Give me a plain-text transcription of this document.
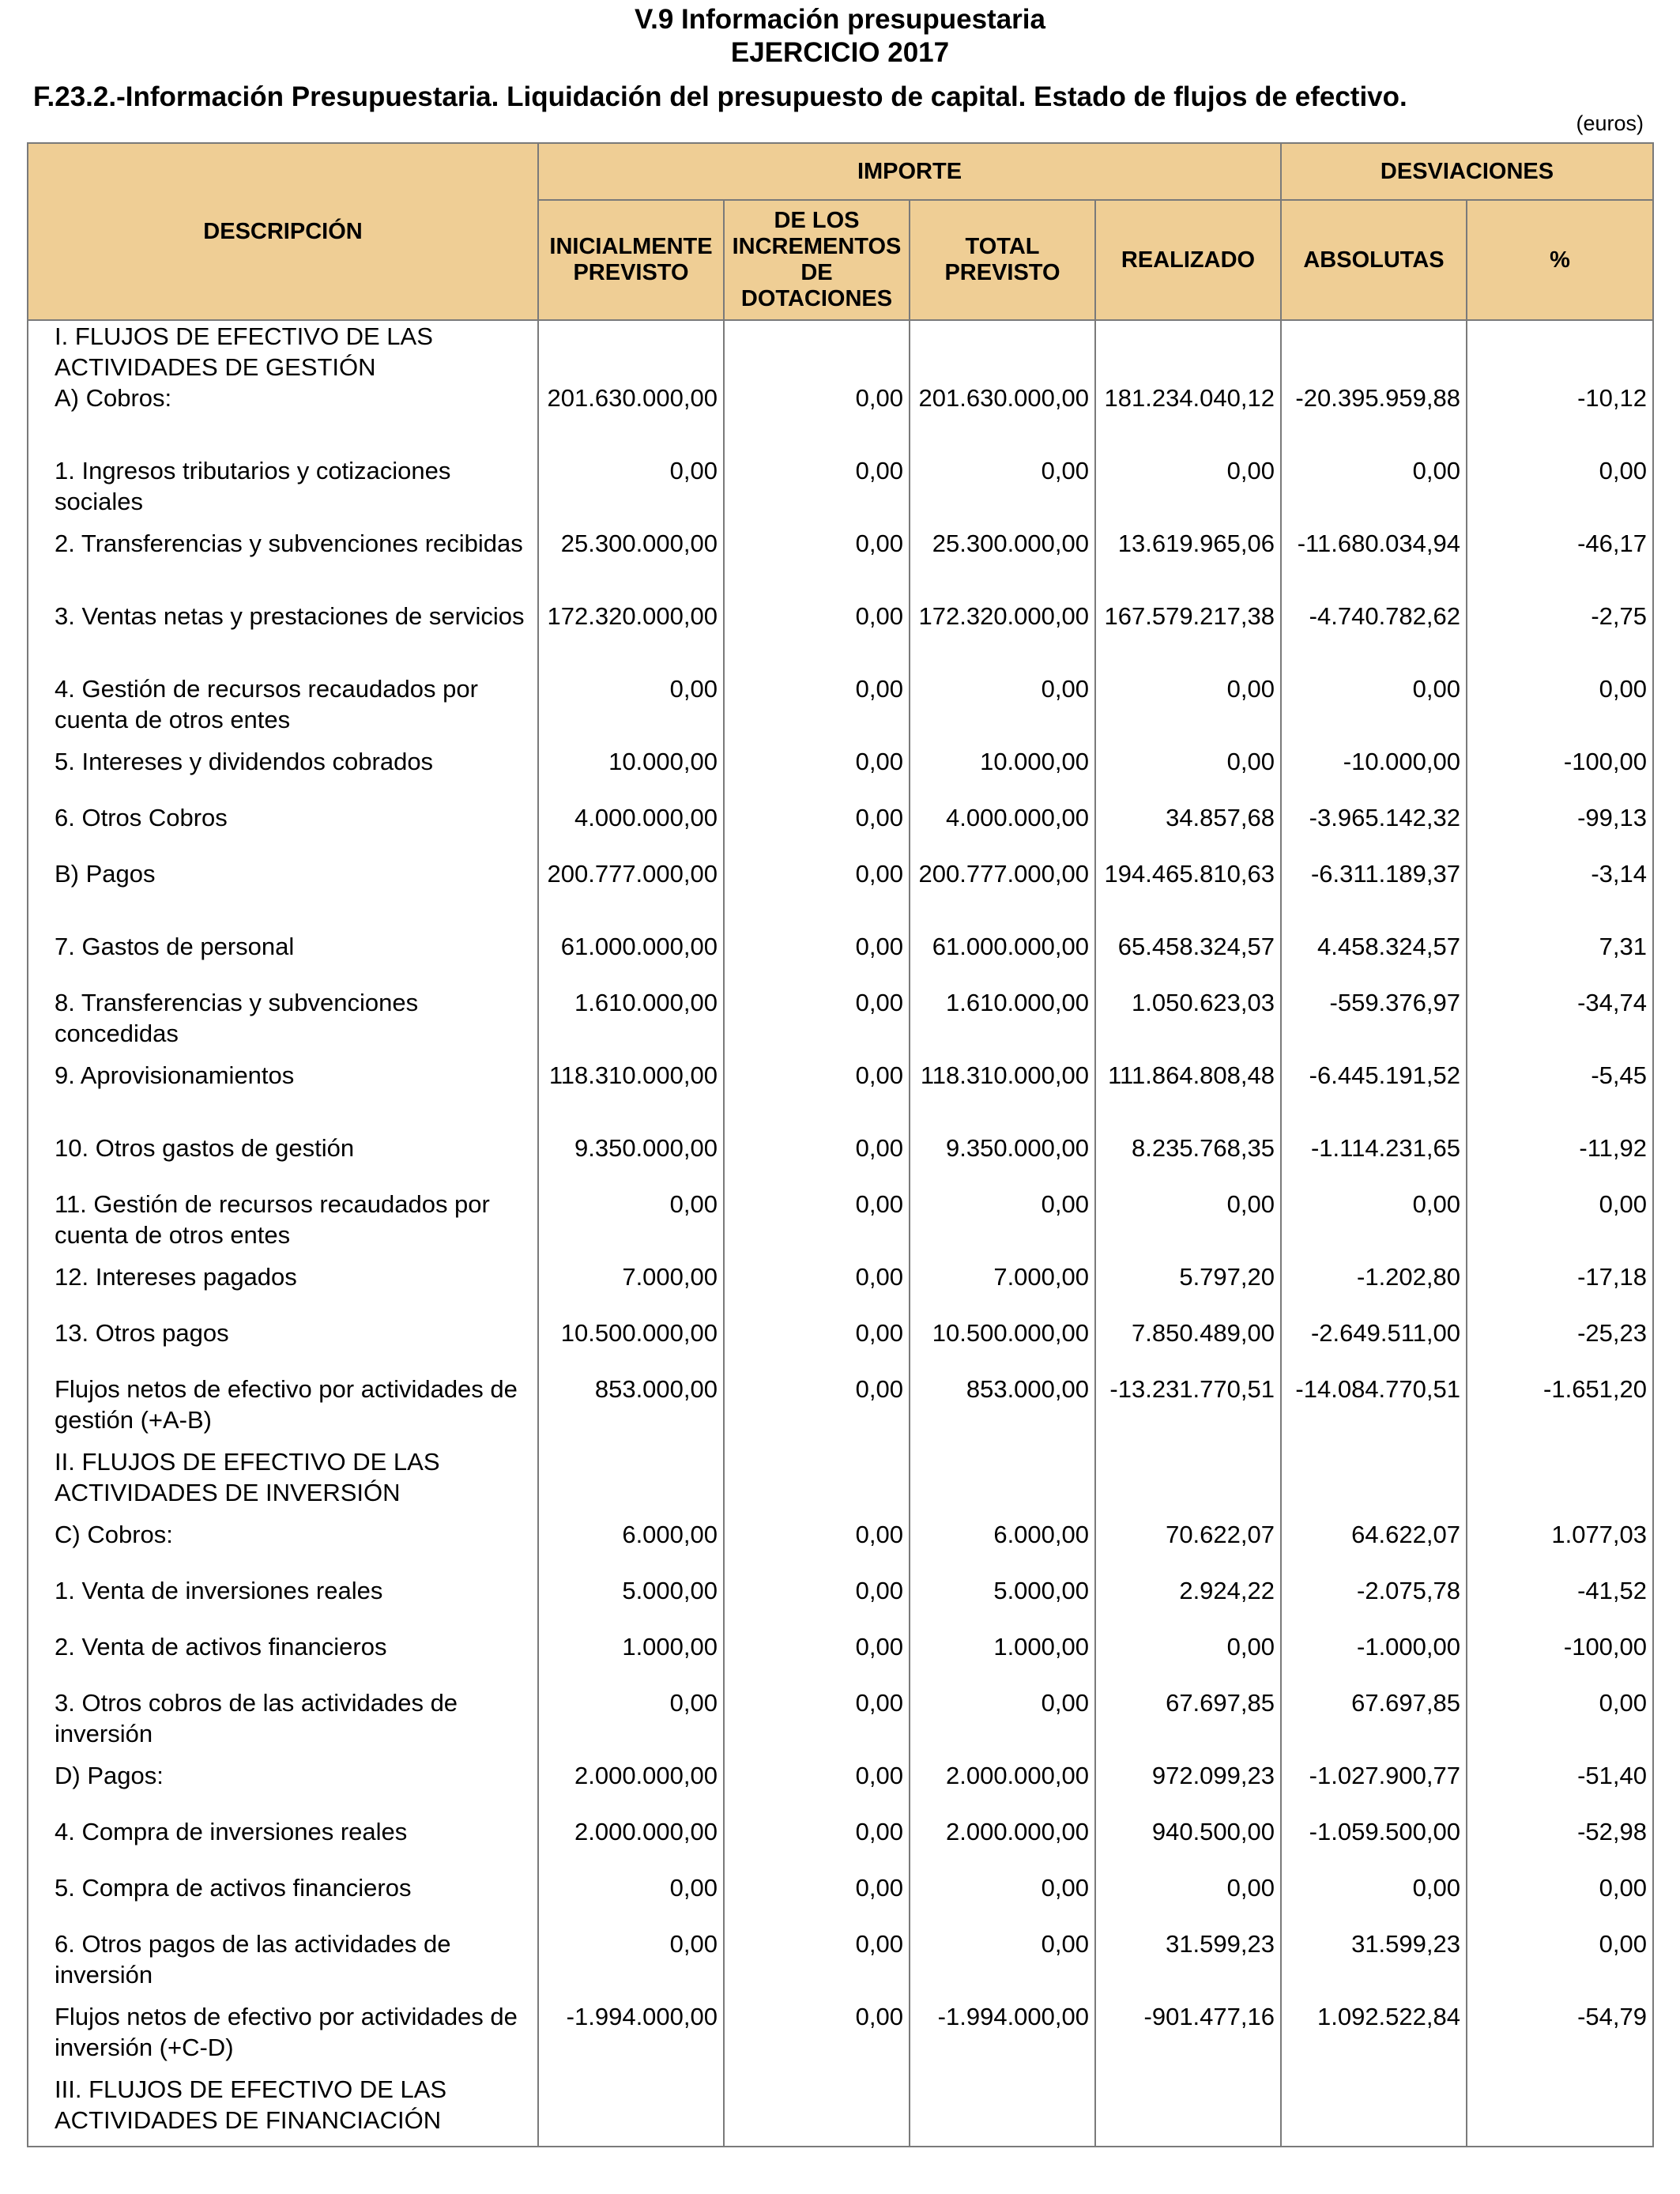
V.9 Información presupuestaria
EJERCICIO 2017
F.23.2.-Información Presupuestaria. Liquidación del presupuesto de capital. Estado de flujos de efectivo.
(euros)
DESCRIPCIÓN	IMPORTE				DESVIACIONES	
	INICIALMENTE PREVISTO	DE LOS INCREMENTOS DE DOTACIONES	TOTAL PREVISTO	REALIZADO	ABSOLUTAS	%
I. FLUJOS DE EFECTIVO DE LAS ACTIVIDADES DE GESTIÓN						
A) Cobros:	201.630.000,00	0,00	201.630.000,00	181.234.040,12	-20.395.959,88	-10,12
1. Ingresos tributarios y cotizaciones sociales	0,00	0,00	0,00	0,00	0,00	0,00
2. Transferencias y subvenciones recibidas	25.300.000,00	0,00	25.300.000,00	13.619.965,06	-11.680.034,94	-46,17
3. Ventas netas y prestaciones de servicios	172.320.000,00	0,00	172.320.000,00	167.579.217,38	-4.740.782,62	-2,75
4. Gestión de recursos recaudados por cuenta de otros entes	0,00	0,00	0,00	0,00	0,00	0,00
5. Intereses y dividendos cobrados	10.000,00	0,00	10.000,00	0,00	-10.000,00	-100,00
6. Otros Cobros	4.000.000,00	0,00	4.000.000,00	34.857,68	-3.965.142,32	-99,13
B) Pagos	200.777.000,00	0,00	200.777.000,00	194.465.810,63	-6.311.189,37	-3,14
7. Gastos de personal	61.000.000,00	0,00	61.000.000,00	65.458.324,57	4.458.324,57	7,31
8. Transferencias y subvenciones concedidas	1.610.000,00	0,00	1.610.000,00	1.050.623,03	-559.376,97	-34,74
9. Aprovisionamientos	118.310.000,00	0,00	118.310.000,00	111.864.808,48	-6.445.191,52	-5,45
10. Otros gastos de gestión	9.350.000,00	0,00	9.350.000,00	8.235.768,35	-1.114.231,65	-11,92
11. Gestión de recursos recaudados por cuenta de otros entes	0,00	0,00	0,00	0,00	0,00	0,00
12. Intereses pagados	7.000,00	0,00	7.000,00	5.797,20	-1.202,80	-17,18
13. Otros pagos	10.500.000,00	0,00	10.500.000,00	7.850.489,00	-2.649.511,00	-25,23
Flujos netos de efectivo por actividades de gestión (+A-B)	853.000,00	0,00	853.000,00	-13.231.770,51	-14.084.770,51	-1.651,20
II. FLUJOS DE EFECTIVO DE LAS ACTIVIDADES DE INVERSIÓN						
C) Cobros:	6.000,00	0,00	6.000,00	70.622,07	64.622,07	1.077,03
1. Venta de inversiones reales	5.000,00	0,00	5.000,00	2.924,22	-2.075,78	-41,52
2. Venta de activos financieros	1.000,00	0,00	1.000,00	0,00	-1.000,00	-100,00
3. Otros cobros de las actividades de inversión	0,00	0,00	0,00	67.697,85	67.697,85	0,00
D) Pagos:	2.000.000,00	0,00	2.000.000,00	972.099,23	-1.027.900,77	-51,40
4. Compra de inversiones reales	2.000.000,00	0,00	2.000.000,00	940.500,00	-1.059.500,00	-52,98
5. Compra de activos financieros	0,00	0,00	0,00	0,00	0,00	0,00
6. Otros pagos de las actividades de inversión	0,00	0,00	0,00	31.599,23	31.599,23	0,00
Flujos netos de efectivo por actividades de inversión (+C-D)	-1.994.000,00	0,00	-1.994.000,00	-901.477,16	1.092.522,84	-54,79
III. FLUJOS DE EFECTIVO DE LAS ACTIVIDADES DE FINANCIACIÓN						
